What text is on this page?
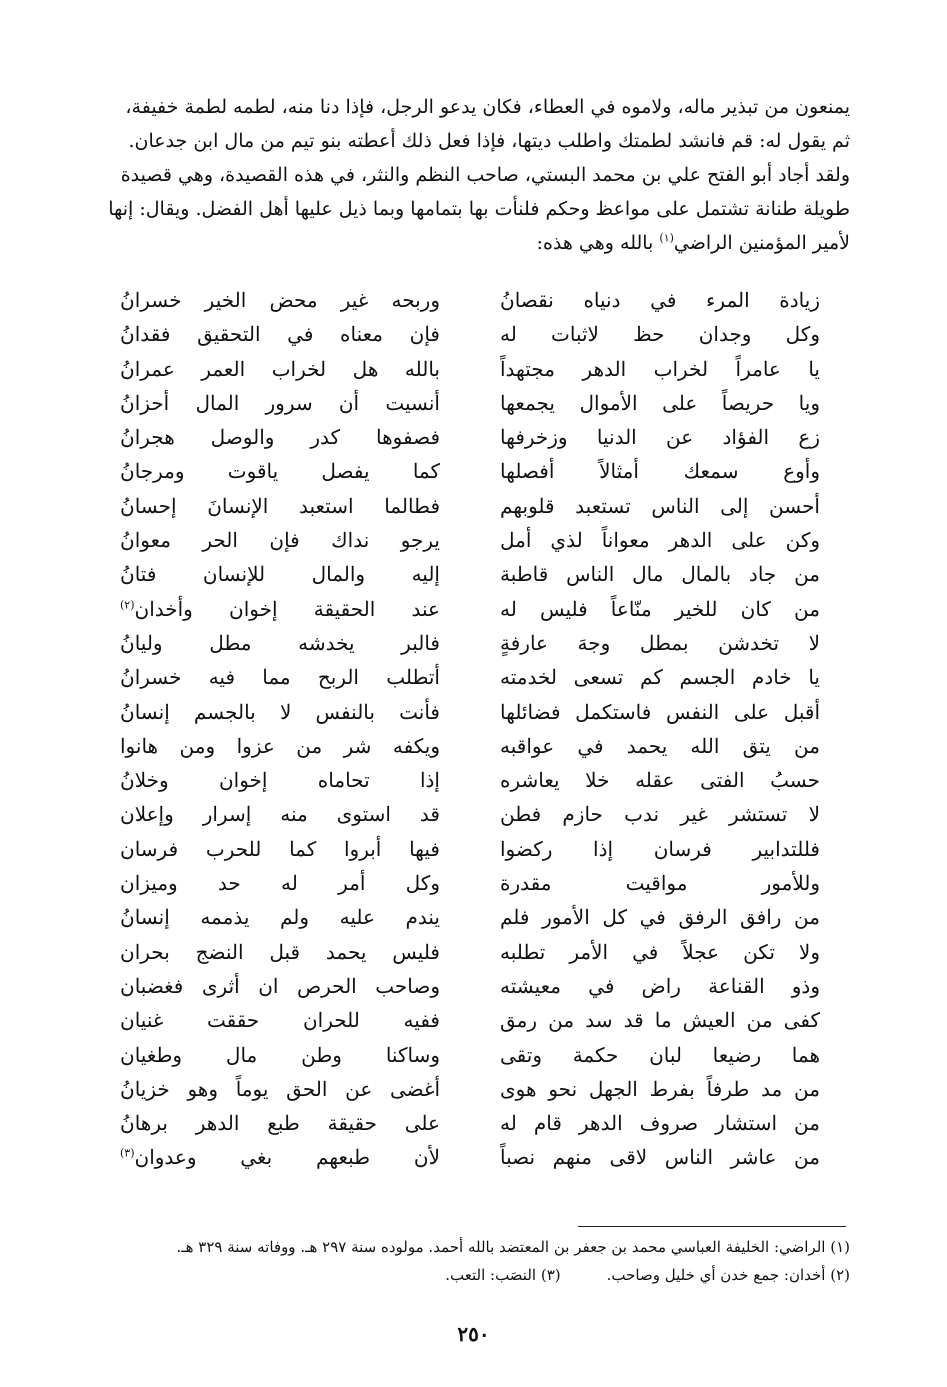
يمنعون من تبذير ماله، ولاموه في العطاء، فكان يدعو الرجل، فإذا دنا منه، لطمه لطمة خفيفة،

ثم يقول له: قم فانشد لطمتك واطلب ديتها، فإذا فعل ذلك أعطته بنو تيم من مال ابن جدعان.

ولقد أجاد أبو الفتح علي بن محمد البستي، صاحب النظم والنثر، في هذه القصيدة، وهي قصيدة

طويلة طنانة تشتمل على مواعظ وحكم فلنأت بها بتمامها وبما ذيل عليها أهل الفضل. ويقال: إنها

لأمير المؤمنين الراضي$^{(١)}$ بالله وهي هذه:

زيادة المرء في دنياه نقصانُ
وربحه غير محض الخير خسرانُ
وكل وجدان حظ لاثبات له
فإن معناه في التحقيق فقدانُ
يا عامراً لخراب الدهر مجتهداً
بالله هل لخراب العمر عمرانُ
ويا حريصاً على الأموال يجمعها
أنسيت أن سرور المال أحزانُ
زع الفؤاد عن الدنيا وزخرفها
فصفوها كدر والوصل هجرانُ
وأوع سمعك أمثالاً أفصلها
كما يفصل ياقوت ومرجانُ
أحسن إلى الناس تستعبد قلوبهم
فطالما استعبد الإنسانَ إحسانُ
وكن على الدهر معواناً لذي أمل
يرجو نداك فإن الحر معوانُ
من جاد بالمال مال الناس قاطبة
إليه والمال للإنسان فتانُ
من كان للخير منّاعاً فليس له
عند الحقيقة إخوان وأخدان$^{(٢)}$
لا تخدشن بمطل وجهَ عارفةٍ
فالبر يخدشه مطل وليانُ
يا خادم الجسم كم تسعى لخدمته
أتطلب الربح مما فيه خسرانُ
أقبل على النفس فاستكمل فضائلها
فأنت بالنفس لا بالجسم إنسانُ
من يتق الله يحمد في عواقبه
ويكفه شر من عزوا ومن هانوا
حسبُ الفتى عقله خلا يعاشره
إذا تحاماه إخوان وخلانُ
لا تستشر غير ندب حازم فطن
قد استوى منه إسرار وإعلان
فللتدابير فرسان إذا ركضوا
فيها أبروا كما للحرب فرسان
وللأمور مواقيت مقدرة
وكل أمر له حد وميزان
من رافق الرفق في كل الأمور فلم
يندم عليه ولم يذممه إنسانُ
ولا تكن عجلاً في الأمر تطلبه
فليس يحمد قبل النضج بحران
وذو القناعة راض في معيشته
وصاحب الحرص ان أثرى فغضبان
كفى من العيش ما قد سد من رمق
ففيه للحران حققت غنيان
هما رضيعا لبان حكمة وتقى
وساكنا وطن مال وطغيان
من مد طرفاً بفرط الجهل نحو هوى
أغضى عن الحق يوماً وهو خزيانُ
من استشار صروف الدهر قام له
على حقيقة طبع الدهر برهانُ
من عاشر الناس لاقى منهم نصباً
لأن طبعهم بغي وعدوان$^{(٣)}$
(١) الراضي: الخليفة العباسي محمد بن جعفر بن المعتضد بالله أحمد. مولوده سنة ٢٩٧ هـ. ووفاته سنة ٣٢٩ هـ.
(٢) أخدان: جمع خدن أي خليل وصاحب.(٣) النصَب: التعب.
٢٥٠
